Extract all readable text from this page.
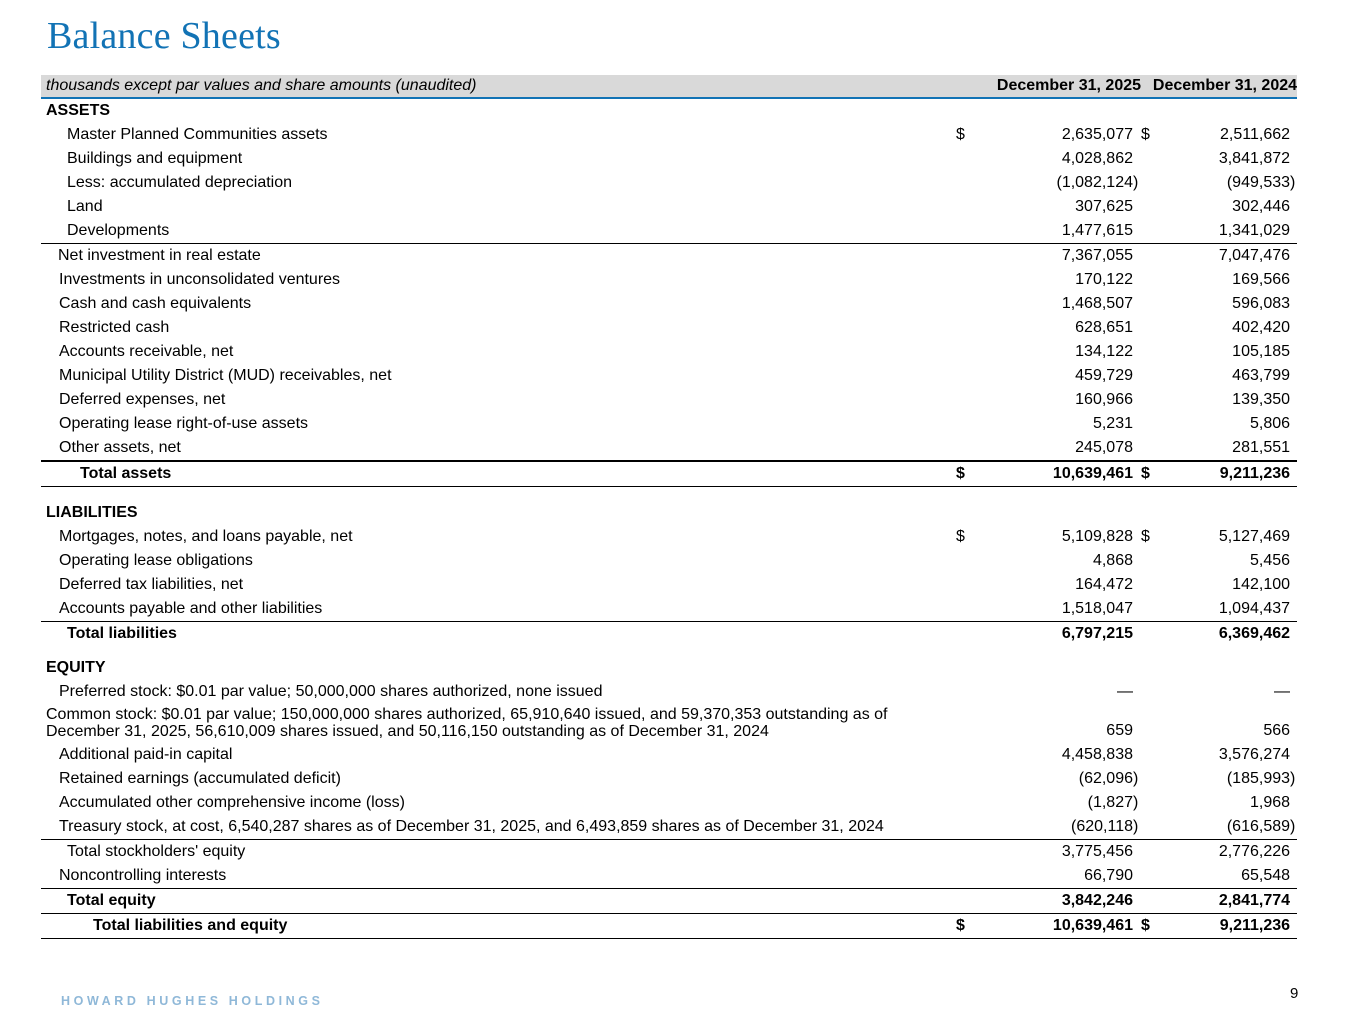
Balance Sheets
thousands except par values and share amounts (unaudited)	December 31, 2025			December 31, 2024		
ASSETS						
Master Planned Communities assets	$	2,635,077		$	2,511,662	
Buildings and equipment		4,028,862			3,841,872	
Less: accumulated depreciation		(1,082,124	)		(949,533	)
Land		307,625			302,446	
Developments		1,477,615			1,341,029	
Net investment in real estate		7,367,055			7,047,476	
Investments in unconsolidated ventures		170,122			169,566	
Cash and cash equivalents		1,468,507			596,083	
Restricted cash		628,651			402,420	
Accounts receivable, net		134,122			105,185	
Municipal Utility District (MUD) receivables, net		459,729			463,799	
Deferred expenses, net		160,966			139,350	
Operating lease right-of-use assets		5,231			5,806	
Other assets, net		245,078			281,551	
Total assets	$	10,639,461		$	9,211,236	

LIABILITIES						
Mortgages, notes, and loans payable, net	$	5,109,828		$	5,127,469	
Operating lease obligations		4,868			5,456	
Deferred tax liabilities, net		164,472			142,100	
Accounts payable and other liabilities		1,518,047			1,094,437	
Total liabilities		6,797,215			6,369,462	

EQUITY						
Preferred stock: $0.01 par value; 50,000,000 shares authorized, none issued		—			—	
Common stock: $0.01 par value; 150,000,000 shares authorized, 65,910,640 issued, and 59,370,353 outstanding as of December 31, 2025, 56,610,009 shares issued, and 50,116,150 outstanding as of December 31, 2024		659			566	
Additional paid-in capital		4,458,838			3,576,274	
Retained earnings (accumulated deficit)		(62,096	)		(185,993	)
Accumulated other comprehensive income (loss)		(1,827	)		1,968	
Treasury stock, at cost, 6,540,287 shares as of December 31, 2025, and 6,493,859 shares as of December 31, 2024		(620,118	)		(616,589	)
Total stockholders' equity		3,775,456			2,776,226	
Noncontrolling interests		66,790			65,548	
Total equity		3,842,246			2,841,774	
Total liabilities and equity	$	10,639,461		$	9,211,236	
HOWARD HUGHES HOLDINGS	9
